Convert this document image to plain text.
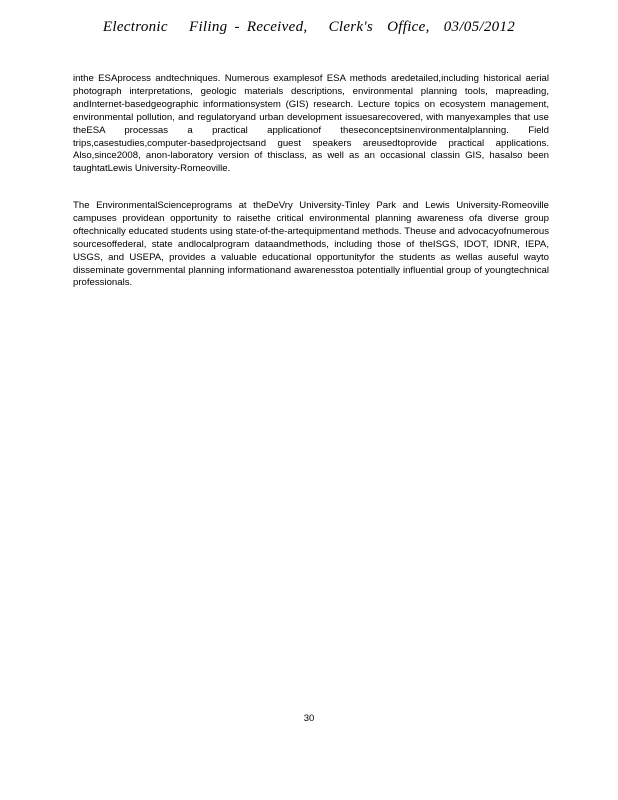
Electronic   Filing - Received,   Clerk's  Office,  03/05/2012
inthe ESAprocess andtechniques. Numerous examplesof ESA methods aredetailed,including historical aerial photograph interpretations, geologic materials descriptions, environmental planning tools, mapreading, andInternet-basedgeographic informationsystem (GIS) research. Lecture topics on ecosystem management, environmental pollution, and regulatoryand urban development issuesarecovered, with manyexamples that use theESA processas a practical applicationof theseconceptsinenvironmentalplanning. Field trips,casestudies,computer-basedprojectsand guest speakers areusedtoprovide practical applications. Also,since2008, anon-laboratory version of thisclass, as well as an occasional classin GIS, hasalso been taughtatLewis University-Romeoville.
The EnvironmentalScienceprograms at theDeVry University-Tinley Park and Lewis University-Romeoville campuses providean opportunity to raisethe critical environmental planning awareness ofa diverse group oftechnically educated students using state-of-the-artequipmentand methods. Theuse and advocacyofnumerous sourcesoffederal, state andlocalprogram dataandmethods, including those of theISGS, IDOT, IDNR, IEPA, USGS, and USEPA, provides a valuable educational opportunityfor the students as wellas auseful wayto disseminate governmental planning informationand awarenesstoa potentially influential group of youngtechnical professionals.
30
